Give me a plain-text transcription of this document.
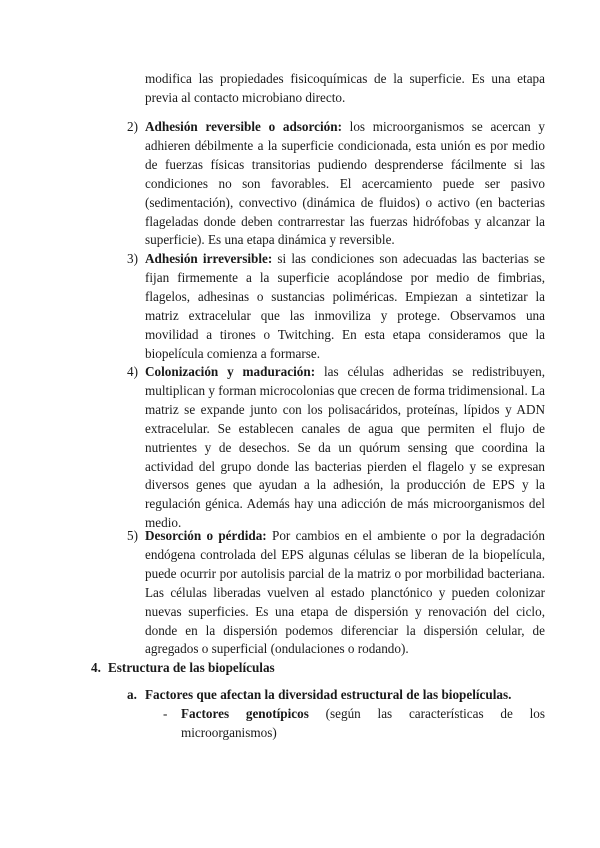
modifica las propiedades fisicoquímicas de la superficie. Es una etapa previa al contacto microbiano directo.
2) Adhesión reversible o adsorción: los microorganismos se acercan y adhieren débilmente a la superficie condicionada, esta unión es por medio de fuerzas físicas transitorias pudiendo desprenderse fácilmente si las condiciones no son favorables. El acercamiento puede ser pasivo (sedimentación), convectivo (dinámica de fluidos) o activo (en bacterias flageladas donde deben contrarrestar las fuerzas hidrófobas y alcanzar la superficie). Es una etapa dinámica y reversible.
3) Adhesión irreversible: si las condiciones son adecuadas las bacterias se fijan firmemente a la superficie acoplándose por medio de fimbrias, flagelos, adhesinas o sustancias poliméricas. Empiezan a sintetizar la matriz extracelular que las inmoviliza y protege. Observamos una movilidad a tirones o Twitching. En esta etapa consideramos que la biopelícula comienza a formarse.
4) Colonización y maduración: las células adheridas se redistribuyen, multiplican y forman microcolonias que crecen de forma tridimensional. La matriz se expande junto con los polisacáridos, proteínas, lípidos y ADN extracelular. Se establecen canales de agua que permiten el flujo de nutrientes y de desechos. Se da un quórum sensing que coordina la actividad del grupo donde las bacterias pierden el flagelo y se expresan diversos genes que ayudan a la adhesión, la producción de EPS y la regulación génica. Además hay una adicción de más microorganismos del medio.
5) Desorción o pérdida: Por cambios en el ambiente o por la degradación endógena controlada del EPS algunas células se liberan de la biopelícula, puede ocurrir por autolisis parcial de la matriz o por morbilidad bacteriana. Las células liberadas vuelven al estado planctónico y pueden colonizar nuevas superficies. Es una etapa de dispersión y renovación del ciclo, donde en la dispersión podemos diferenciar la dispersión celular, de agregados o superficial (ondulaciones o rodando).
4. Estructura de las biopelículas
a. Factores que afectan la diversidad estructural de las biopelículas.
- Factores genotípicos (según las características de los microorganismos)
